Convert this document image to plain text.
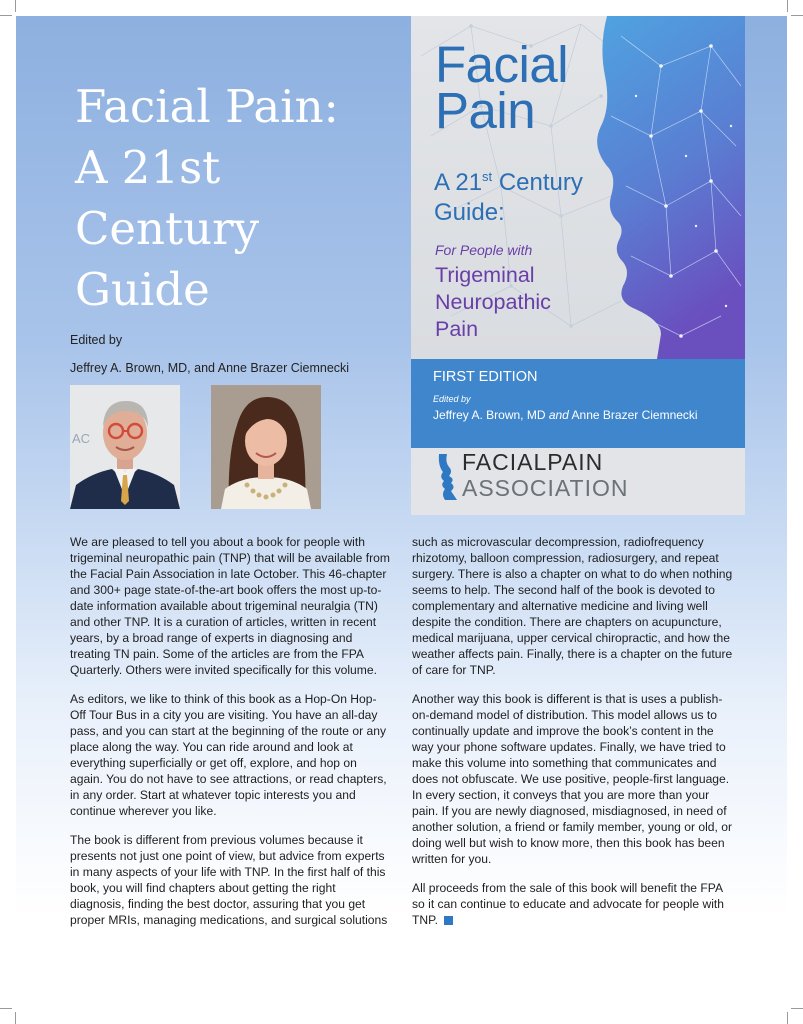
Facial Pain:
A 21st
Century
Guide
Edited by
Jeffrey A. Brown, MD, and Anne Brazer Ciemnecki
AC

We are pleased to tell you about a book for people with trigeminal neuropathic pain (TNP) that will be available from the Facial Pain Association in late October. This 46-chapter and 300+ page state-of-the-art book offers the most up-to-date information available about trigeminal neuralgia (TN) and other TNP. It is a curation of articles, written in recent years, by a broad range of experts in diagnosing and treating TN pain. Some of the articles are from the FPA Quarterly. Others were invited specifically for this volume.

As editors, we like to think of this book as a Hop-On Hop-Off Tour Bus in a city you are visiting. You have an all-day pass, and you can start at the beginning of the route or any place along the way. You can ride around and look at everything superficially or get off, explore, and hop on again. You do not have to see attractions, or read chapters, in any order. Start at whatever topic interests you and continue wherever you like.

The book is different from previous volumes because it presents not just one point of view, but advice from experts in many aspects of your life with TNP. In the first half of this book, you will find chapters about getting the right diagnosis, finding the best doctor, assuring that you get proper MRIs, managing medications, and surgical solutions

such as microvascular decompression, radiofrequency rhizotomy, balloon compression, radiosurgery, and repeat surgery. There is also a chapter on what to do when nothing seems to help. The second half of the book is devoted to complementary and alternative medicine and living well despite the condition. There are chapters on acupuncture, medical marijuana, upper cervical chiropractic, and how the weather affects pain. Finally, there is a chapter on the future of care for TNP.

Another way this book is different is that is uses a publish-on-demand model of distribution. This model allows us to continually update and improve the book’s content in the way your phone software updates. Finally, we have tried to make this volume into something that communicates and does not obfuscate. We use positive, people-first language. In every section, it conveys that you are more than your pain. If you are newly diagnosed, misdiagnosed, in need of another solution, a friend or family member, young or old, or doing well but wish to know more, then this book has been written for you.

All proceeds from the sale of this book will benefit the FPA so it can continue to educate and advocate for people with TNP.

Facial
Pain
A 21st Century Guide:
For People with
Trigeminal
Neuropathic
Pain
FIRST EDITION
Edited by
Jeffrey A. Brown, MD and Anne Brazer Ciemnecki
FACIALPAIN
ASSOCIATION
